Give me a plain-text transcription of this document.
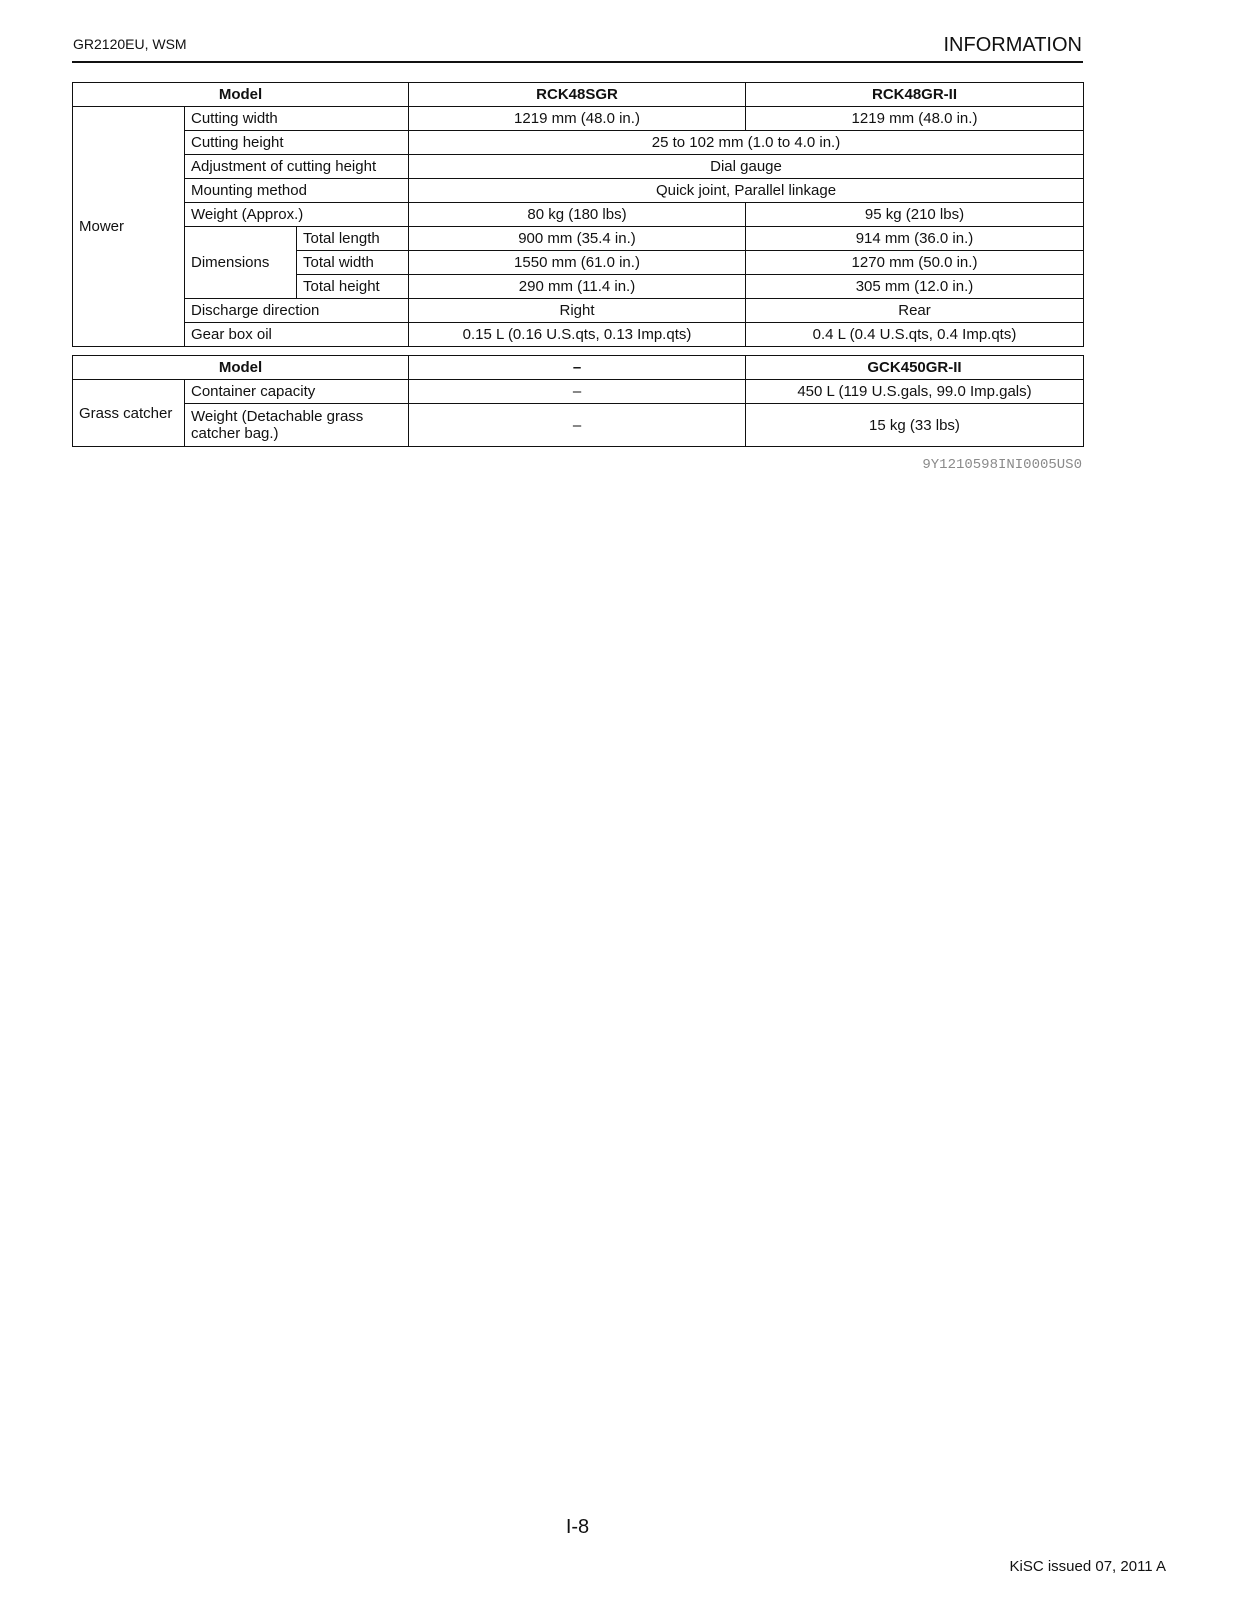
GR2120EU, WSM	INFORMATION
Model			RCK48SGR	RCK48GR-II
Mower	Cutting width		1219 mm (48.0 in.)	1219 mm (48.0 in.)
	Cutting height		25 to 102 mm (1.0 to 4.0 in.)	
	Adjustment of cutting height		Dial gauge	
	Mounting method		Quick joint, Parallel linkage	
	Weight (Approx.)		80 kg (180 lbs)	95 kg (210 lbs)
	Dimensions	Total length	900 mm (35.4 in.)	914 mm (36.0 in.)
		Total width	1550 mm (61.0 in.)	1270 mm (50.0 in.)
		Total height	290 mm (11.4 in.)	305 mm (12.0 in.)
	Discharge direction		Right	Rear
	Gear box oil		0.15 L (0.16 U.S.qts, 0.13 Imp.qts)	0.4 L (0.4 U.S.qts, 0.4 Imp.qts)
Model		–	GCK450GR-II
Grass catcher	Container capacity	–	450 L (119 U.S.gals, 99.0 Imp.gals)
	Weight (Detachable grass catcher bag.)	–	15 kg (33 lbs)
9Y1210598INI0005US0
I-8
KiSC issued 07, 2011 A
